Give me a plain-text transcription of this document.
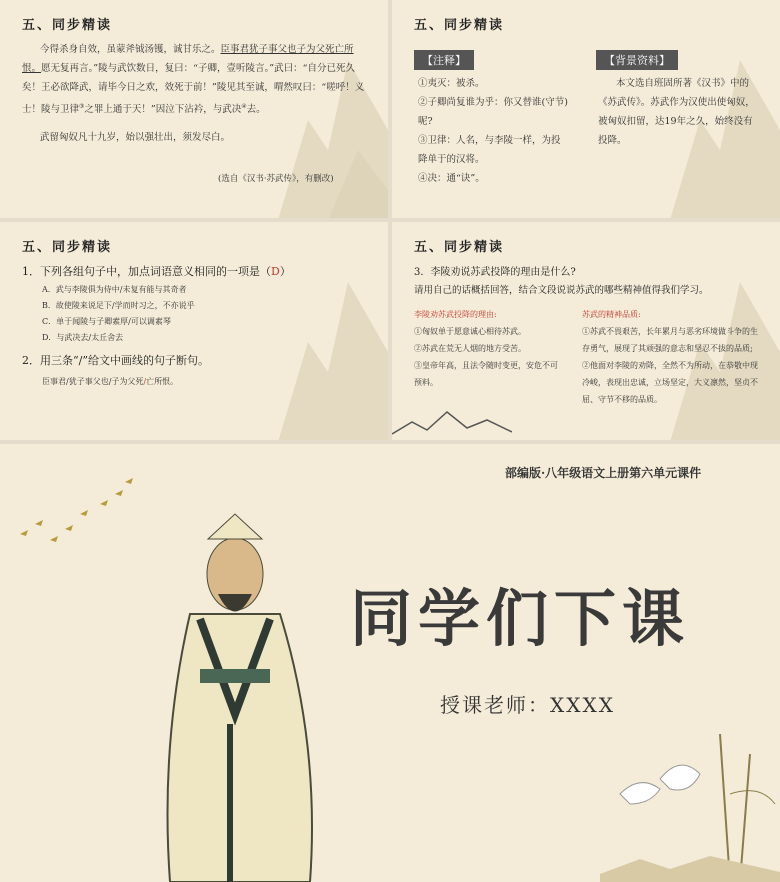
五、同步精读
今得杀身自效，虽蒙斧钺汤镬，诚甘乐之。臣事君犹子事父也子为父死亡所恨。愿无复再言。”陵与武饮数日，复曰：“子卿，壹听陵言。”武曰：“自分已死久矣！王必欲降武，请毕今日之欢，效死于前！”陵见其至诚，喟然叹曰：“嗟呼！义士！陵与卫律③之罪上通于天！”因泣下沾衿，与武决④去。
武留匈奴凡十九岁，始以强壮出，须发尽白。
(选自《汉书·苏武传》，有删改)
五、同步精读
【注释】
①夷灭：被杀。
②子卿尚复谁为乎：你又替谁(守节)呢?
③卫律：人名，与李陵一样，为投降单于的汉将。
④决：通“诀”。
【背景资料】
本文选自班固所著《汉书》中的《苏武传》。苏武作为汉使出使匈奴，被匈奴扣留，达19年之久，始终没有投降。
五、同步精读
1．下列各组句子中，加点词语意义相同的一项是（D）
A．武与李陵俱为侍中/未复有能与其奇者
B．故使陵来说足下/学而时习之，不亦说乎
C．单于闻陵与子卿素厚/可以调素琴
D．与武决去/太丘舍去
2．用三条“/”给文中画线的句子断句。
臣事君/犹子事父也/子为父死/亡所恨。
五、同步精读
3．李陵劝说苏武投降的理由是什么?
请用自己的话概括回答，结合文段说说苏武的哪些精神值得我们学习。
李陵劝苏武投降的理由:
①匈奴单于愿意诚心相待苏武。
②苏武在荒无人烟的地方受苦。
③皇帝年高，且法令随时变更，安危不可预料。
苏武的精神品质:
①苏武不畏艰苦，长年累月与恶劣环境做斗争的生存勇气，展现了其顽强的意志和坚忍不拔的品质;
②他面对李陵的劝降，全然不为所动，在恭敬中现冷峻，表现出忠诚，立场坚定，大义凛然，坚贞不屈、守节不移的品质。
部编版·八年级语文上册第六单元课件
同学们下课
授课老师：XXXX
